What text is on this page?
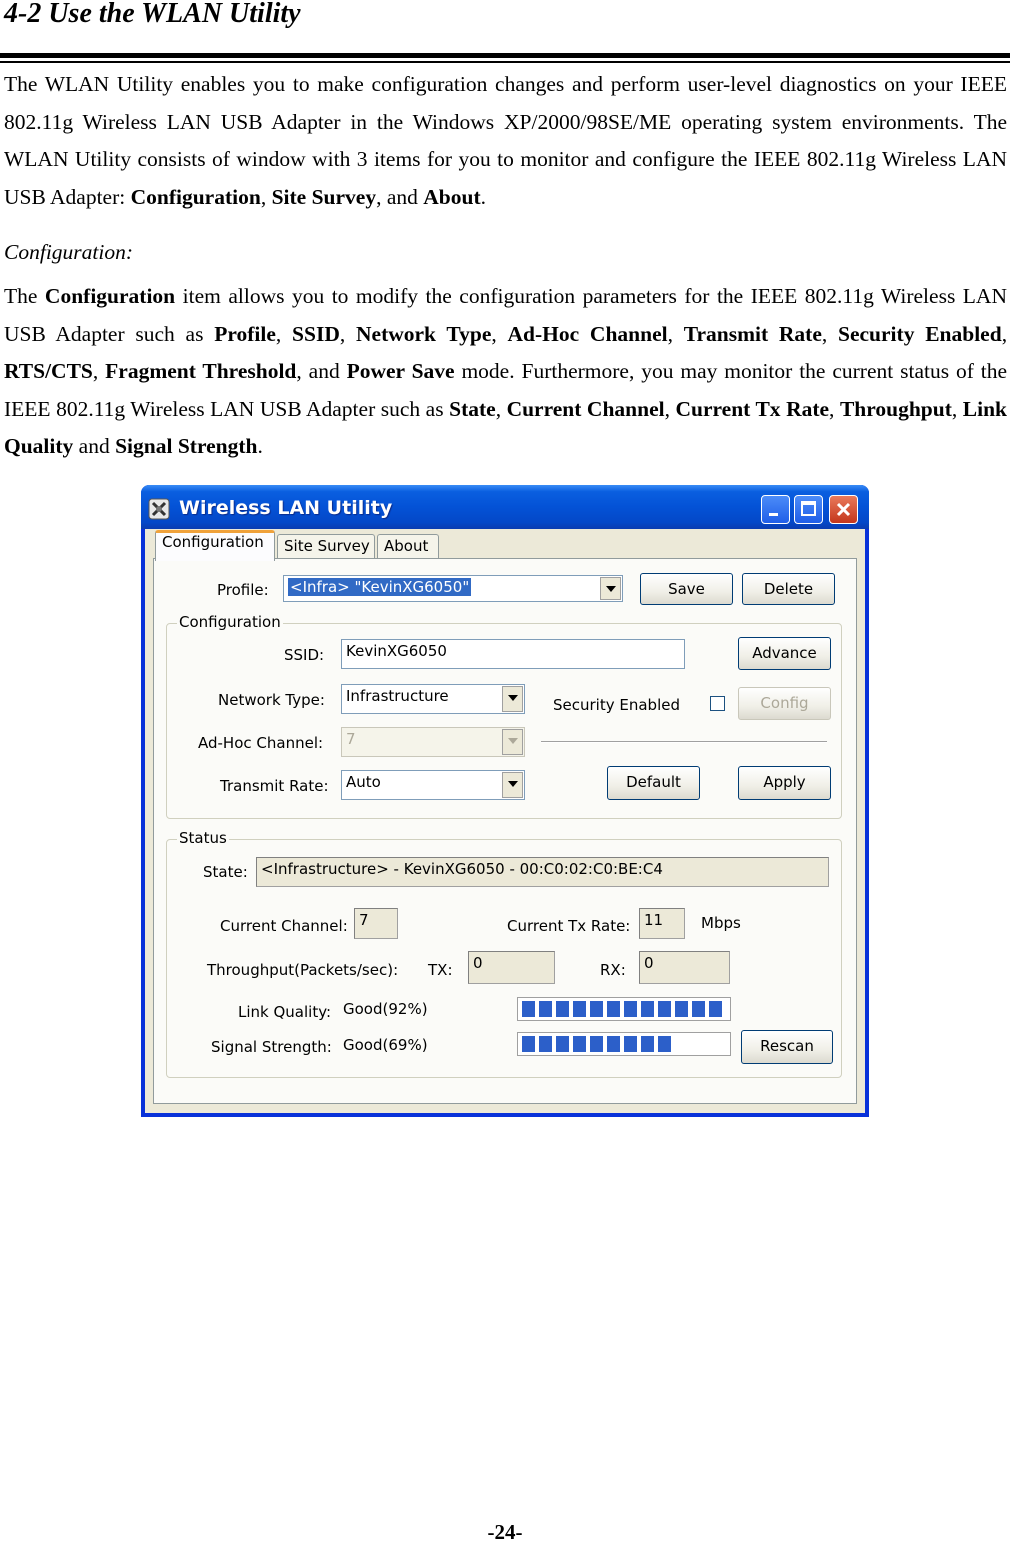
4-2 Use the WLAN Utility
The WLAN Utility enables you to make configuration changes and perform user-level diagnostics on your IEEE 802.11g Wireless LAN USB Adapter in the Windows XP/2000/98SE/ME operating system environments. The WLAN Utility consists of window with 3 items for you to monitor and configure the IEEE 802.11g Wireless LAN USB Adapter: Configuration, Site Survey, and About.
Configuration:
The Configuration item allows you to modify the configuration parameters for the IEEE 802.11g Wireless LAN USB Adapter such as Profile, SSID, Network Type, Ad-Hoc Channel, Transmit Rate, Security Enabled, RTS/CTS, Fragment Threshold, and Power Save mode. Furthermore, you may monitor the current status of the IEEE 802.11g Wireless LAN USB Adapter such as State, Current Channel, Current Tx Rate, Throughput, Link Quality and Signal Strength.
Wireless LAN Utility
Configuration	Site Survey About
Profile:	<Infra> "KevinXG6050"	Save	Delete
Configuration
SSID:	KevinXG6050	Advance
Network Type:	Infrastructure	Security Enabled	Config
Ad-Hoc Channel:	7
Transmit Rate:	Auto	Default	Apply
Status
State: <Infrastructure> - KevinXG6050 - 00:C0:02:C0:BE:C4
Current Channel: 7	Current Tx Rate: 11	Mbps
Throughput(Packets/sec): TX:	0	RX:	0
Link Quality: Good(92%)
Signal Strength: Good(69%)	Rescan
-24-
